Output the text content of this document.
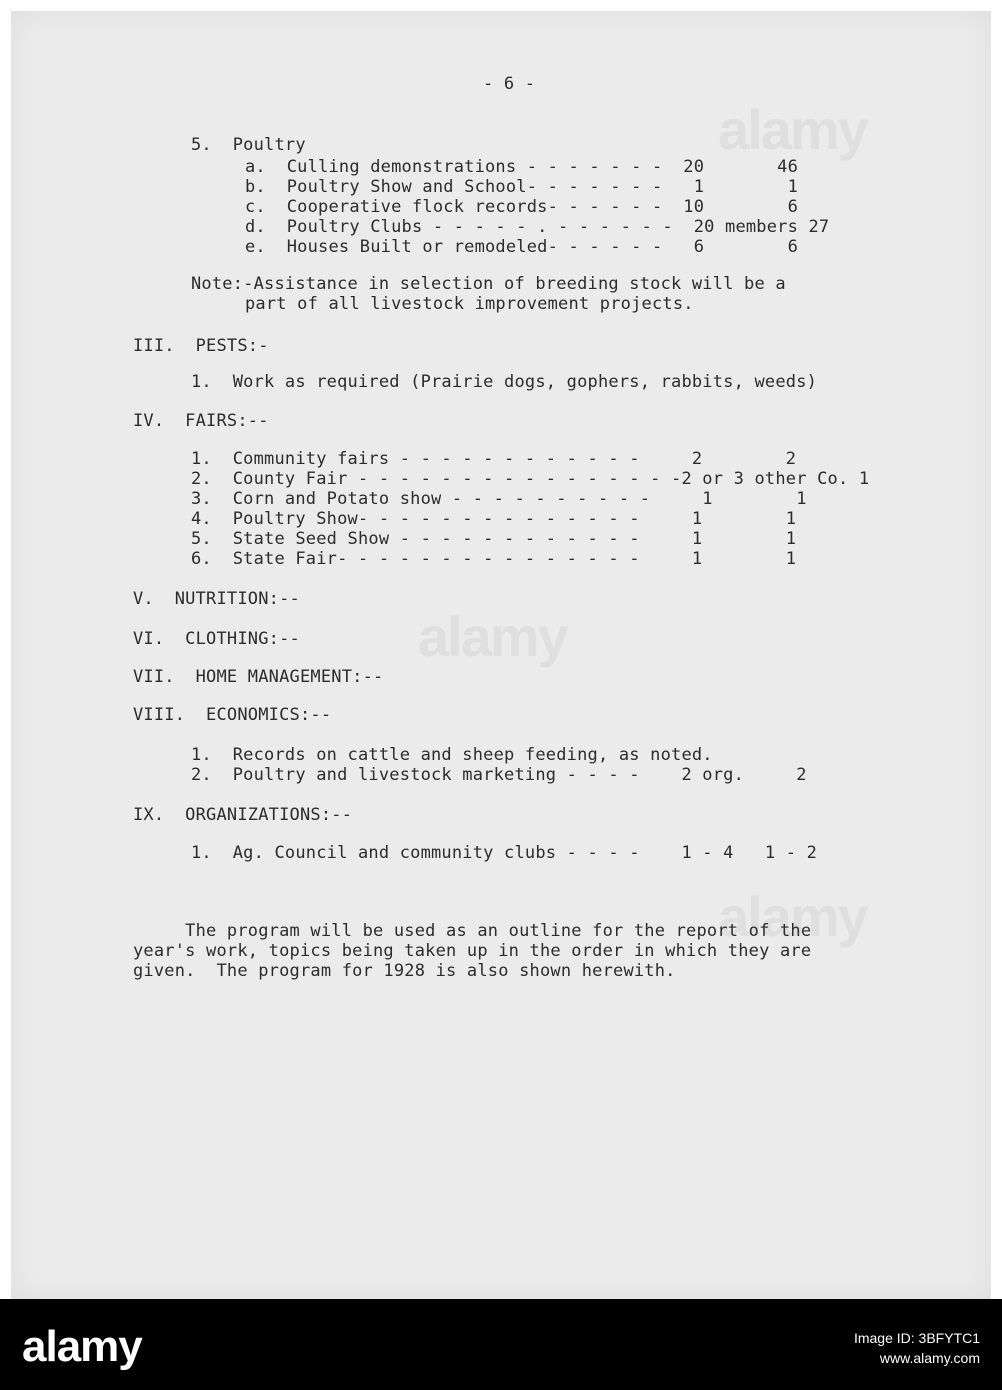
alamy
alamy
alamy
- 6 -
5.  Poultry
a.  Culling demonstrations - - - - - - -  20       46
b.  Poultry Show and School- - - - - - -   1        1
c.  Cooperative flock records- - - - - -  10        6
d.  Poultry Clubs - - - - - . - - - - - -  20 members 27
e.  Houses Built or remodeled- - - - - -   6        6
Note:-Assistance in selection of breeding stock will be a
part of all livestock improvement projects.
III.  PESTS:-
1.  Work as required (Prairie dogs, gophers, rabbits, weeds)
IV.  FAIRS:--
1.  Community fairs - - - - - - - - - - - -     2        2
2.  County Fair - - - - - - - - - - - - - - - -2 or 3 other Co. 1
3.  Corn and Potato show - - - - - - - - - -     1        1
4.  Poultry Show- - - - - - - - - - - - - -     1        1
5.  State Seed Show - - - - - - - - - - - -     1        1
6.  State Fair- - - - - - - - - - - - - - -     1        1
V.  NUTRITION:--
VI.  CLOTHING:--
VII.  HOME MANAGEMENT:--
VIII.  ECONOMICS:--
1.  Records on cattle and sheep feeding, as noted.
2.  Poultry and livestock marketing - - - -    2 org.     2
IX.  ORGANIZATIONS:--
1.  Ag. Council and community clubs - - - -    1 - 4   1 - 2
The program will be used as an outline for the report of the
year's work, topics being taken up in the order in which they are
given.  The program for 1928 is also shown herewith.
alamy	Image ID: 3BFYTC1
www.alamy.com
